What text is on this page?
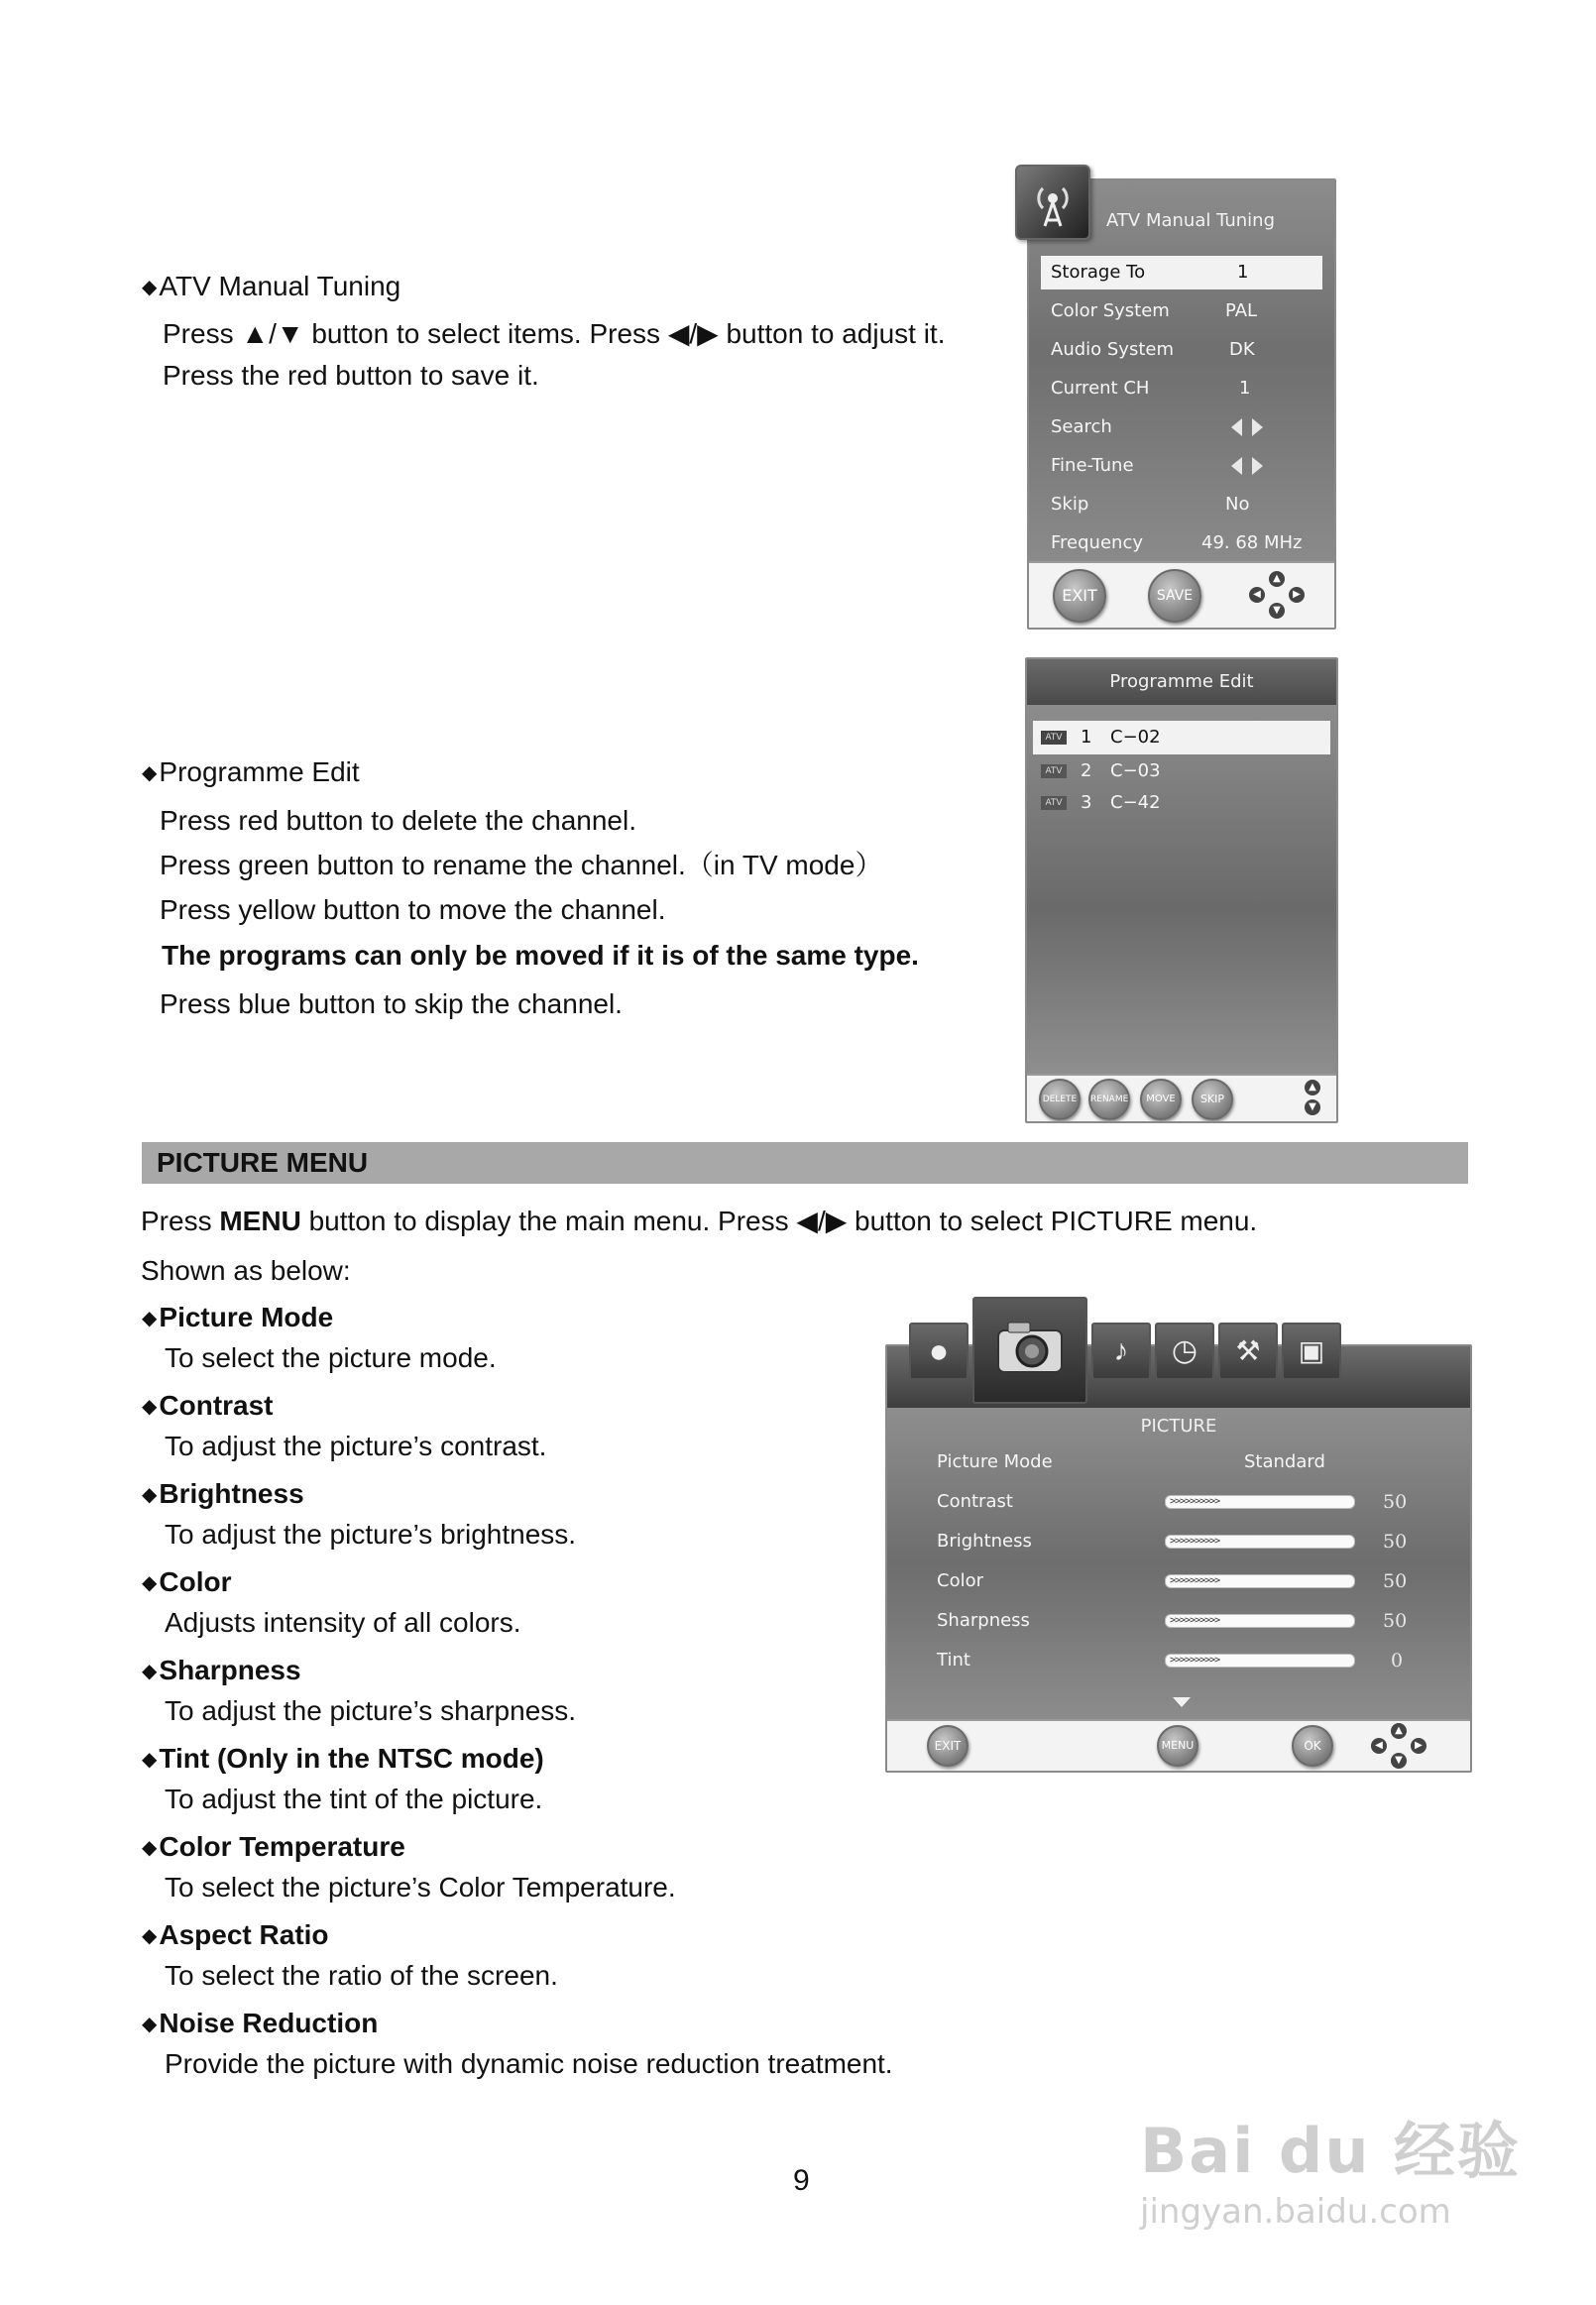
◆ ATV Manual Tuning
Press ▲/▼ button to select items. Press ◀/▶ button to adjust it.
Press the red button to save it.
ATV Manual Tuning
Storage To	1
Color System	PAL
Audio System	DK
Current CH	1
Search
Fine-Tune
Skip	No
Frequency	49. 68 MHz
EXIT	SAVE
▲
◀	▶
▼
◆ Programme Edit
Press red button to delete the channel.
Press green button to rename the channel.（in TV mode）
Press yellow button to move the channel.
The programs can only be moved if it is of the same type.
Press blue button to skip the channel.
Programme Edit
ATV 1 C−02
ATV 2 C−03
ATV 3 C−42
DELETE	RENAME	MOVE	SKIP
▲
▼
PICTURE MENU
Press MENU button to display the main menu. Press ◀/▶ button to select PICTURE menu.
Shown as below:
◆ Picture Mode
To select the picture mode.
◆ Contrast
To adjust the picture’s contrast.
◆ Brightness
To adjust the picture’s brightness.
◆ Color
Adjusts intensity of all colors.
◆ Sharpness
To adjust the picture’s sharpness.
◆ Tint (Only in the NTSC mode)
To adjust the tint of the picture.
◆ Color Temperature
To select the picture’s Color Temperature.
◆ Aspect Ratio
To select the ratio of the screen.
◆ Noise Reduction
Provide the picture with dynamic noise reduction treatment.
PICTURE
Picture Mode	Standard
Contrast	>>>>>>>>>>	50
Brightness	>>>>>>>>>>	50
Color	>>>>>>>>>>	50
Sharpness	>>>>>>>>>>	50
Tint	>>>>>>>>>>	0
EXIT	MENU	OK
▲
◀	▶
▼
●	♪	◷	⚒	▣
9	Bai du 经验
jingyan.baidu.com
